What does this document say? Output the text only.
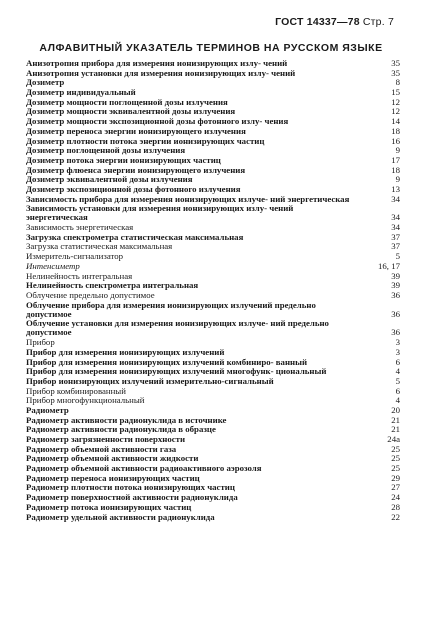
ГОСТ 14337—78 Стр. 7
АЛФАВИТНЫЙ УКАЗАТЕЛЬ ТЕРМИНОВ НА РУССКОМ ЯЗЫКЕ
Анизотропия прибора для измерения ионизирующих излу- чений	35
Анизотропия установки для измерения ионизирующих излу- чений	35
Дозиметр	8
Дозиметр индивидуальный	15
Дозиметр мощности поглощенной дозы излучения	12
Дозиметр мощности эквивалентной дозы излучения	12
Дозиметр мощности экспозиционной дозы фотонного излу- чения	14
Дозиметр переноса энергии ионизирующего излучения	18
Дозиметр плотности потока энергии ионизирующих частиц	16
Дозиметр поглощенной дозы излучения	9
Дозиметр потока энергии ионизирующих частиц	17
Дозиметр флюенса энергии ионизирующего излучения	18
Дозиметр эквивалентной дозы излучения	9
Дозиметр экспозиционной дозы фотонного излучения	13
Зависимость прибора для измерения ионизирующих излуче- ний энергетическая	34
Зависимость установки для измерения ионизирующих излу- чений энергетическая	34
Зависимость энергетическая	34
Загрузка спектрометра статистическая максимальная	37
Загрузка статистическая максимальная	37
Измеритель-сигнализатор	5
Интенсиметр	16, 17
Нелинейность интегральная	39
Нелинейность спектрометра интегральная	39
Облучение предельно допустимое	36
Облучение прибора для измерения ионизирующих излучений предельно допустимое	36
Облучение установки для измерения ионизирующих излуче- ний предельно допустимое	36
Прибор	3
Прибор для измерения ионизирующих излучений	3
Прибор для измерения ионизирующих излучений комбиниро- ванный	6
Прибор для измерения ионизирующих излучений многофунк- циональный	4
Прибор ионизирующих излучений измерительно-сигнальный	5
Прибор комбинированный	6
Прибор многофункциональный	4
Радиометр	20
Радиометр активности радионуклида в источнике	21
Радиометр активности радионуклида в образце	21
Радиометр загрязненности поверхности	24а
Радиометр объемной активности газа	25
Радиометр объемной активности жидкости	25
Радиометр объемной активности радиоактивного аэрозоля	25
Радиометр переноса ионизирующих частиц	29
Радиометр плотности потока ионизирующих частиц	27
Радиометр поверхностной активности радионуклида	24
Радиометр потока ионизирующих частиц	28
Радиометр удельной активности радионуклида	22
